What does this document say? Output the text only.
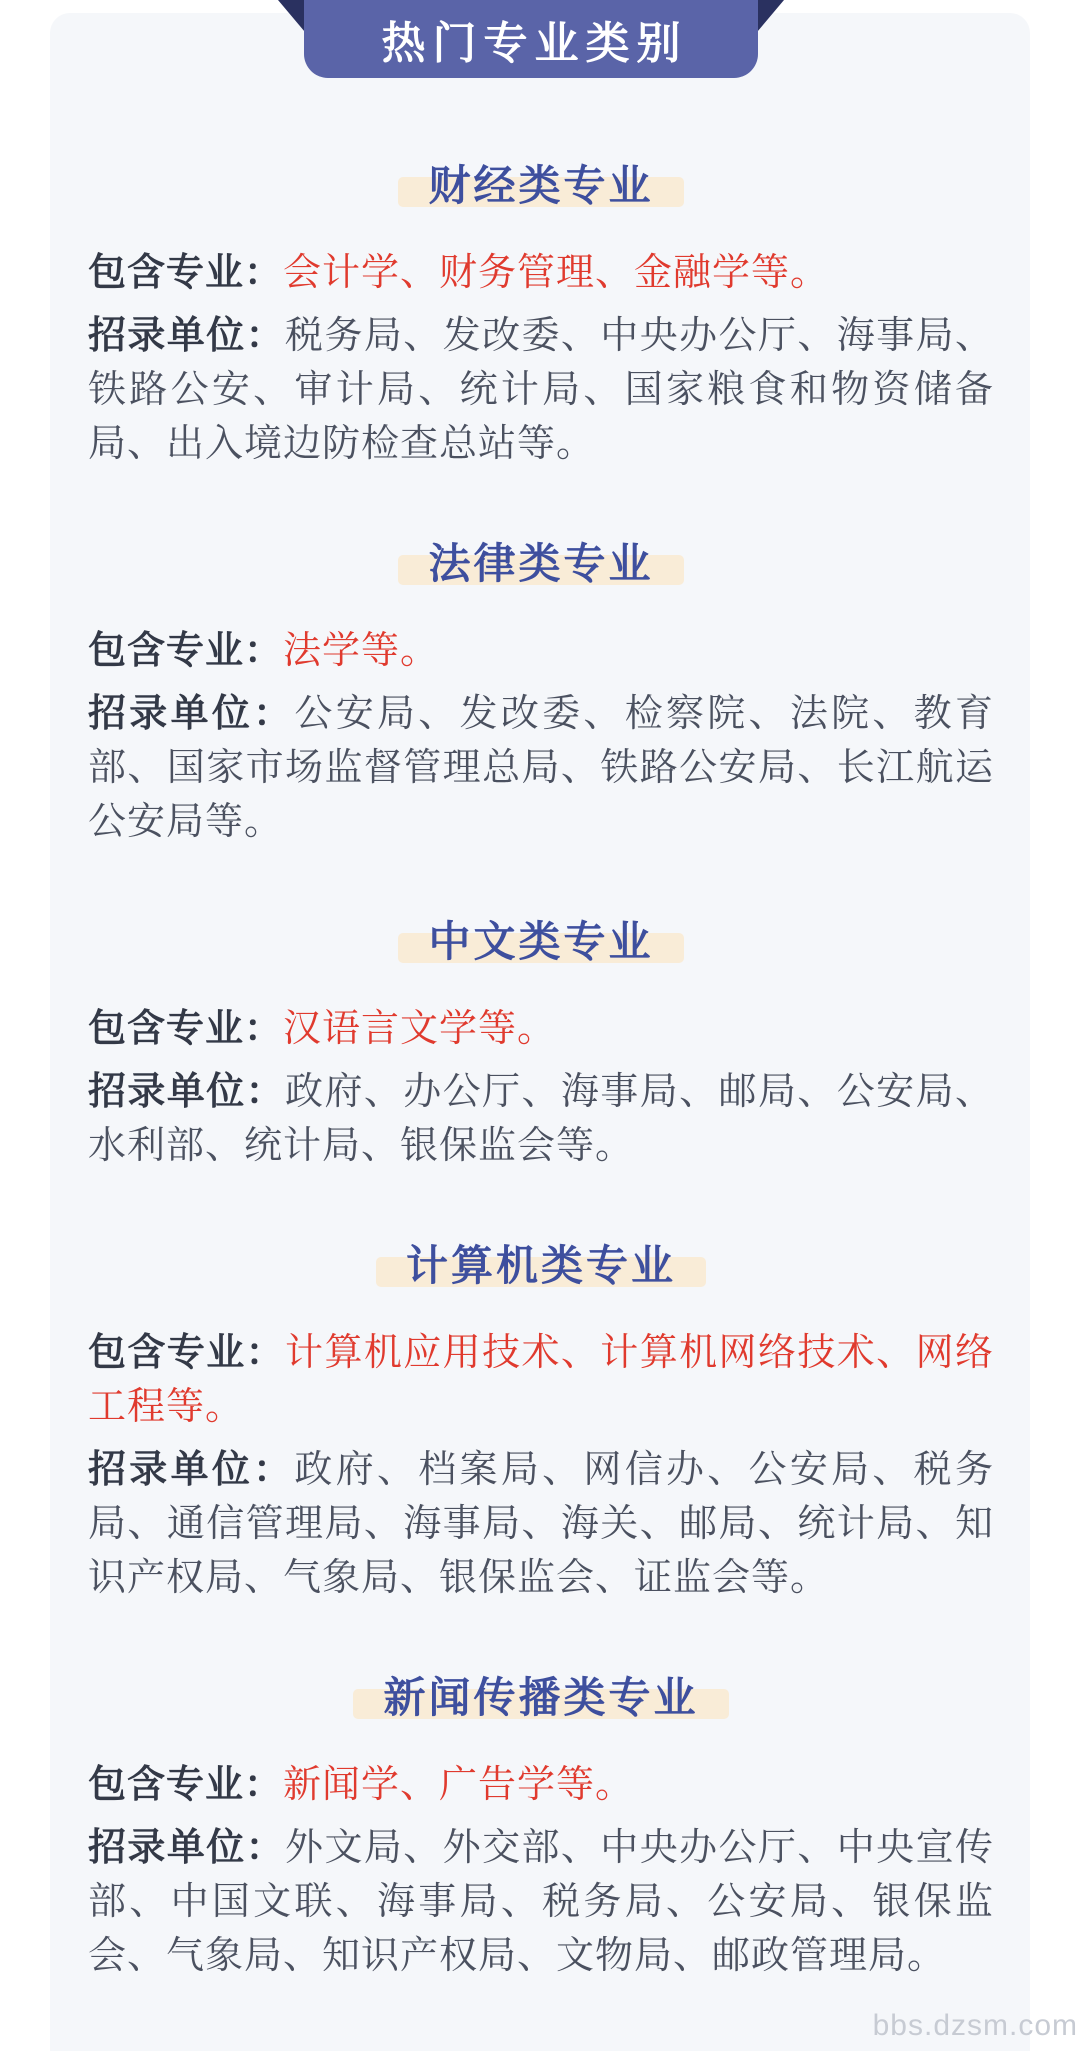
财经类专业

包含专业：会计学、财务管理、金融学等。

招录单位：税务局、发改委、中央办公厅、海事局、铁路公安、审计局、统计局、国家粮食和物资储备局、出入境边防检查总站等。

法律类专业

包含专业：法学等。

招录单位：公安局、发改委、检察院、法院、教育部、国家市场监督管理总局、铁路公安局、长江航运公安局等。

中文类专业

包含专业：汉语言文学等。

招录单位：政府、办公厅、海事局、邮局、公安局、水利部、统计局、银保监会等。

计算机类专业

包含专业：计算机应用技术、计算机网络技术、网络工程等。

招录单位：政府、档案局、网信办、公安局、税务局、通信管理局、海事局、海关、邮局、统计局、知识产权局、气象局、银保监会、证监会等。

新闻传播类专业

包含专业：新闻学、广告学等。

招录单位：外文局、外交部、中央办公厅、中央宣传部、中国文联、海事局、税务局、公安局、银保监会、气象局、知识产权局、文物局、邮政管理局。

热门专业类别
bbs.dzsm.com
